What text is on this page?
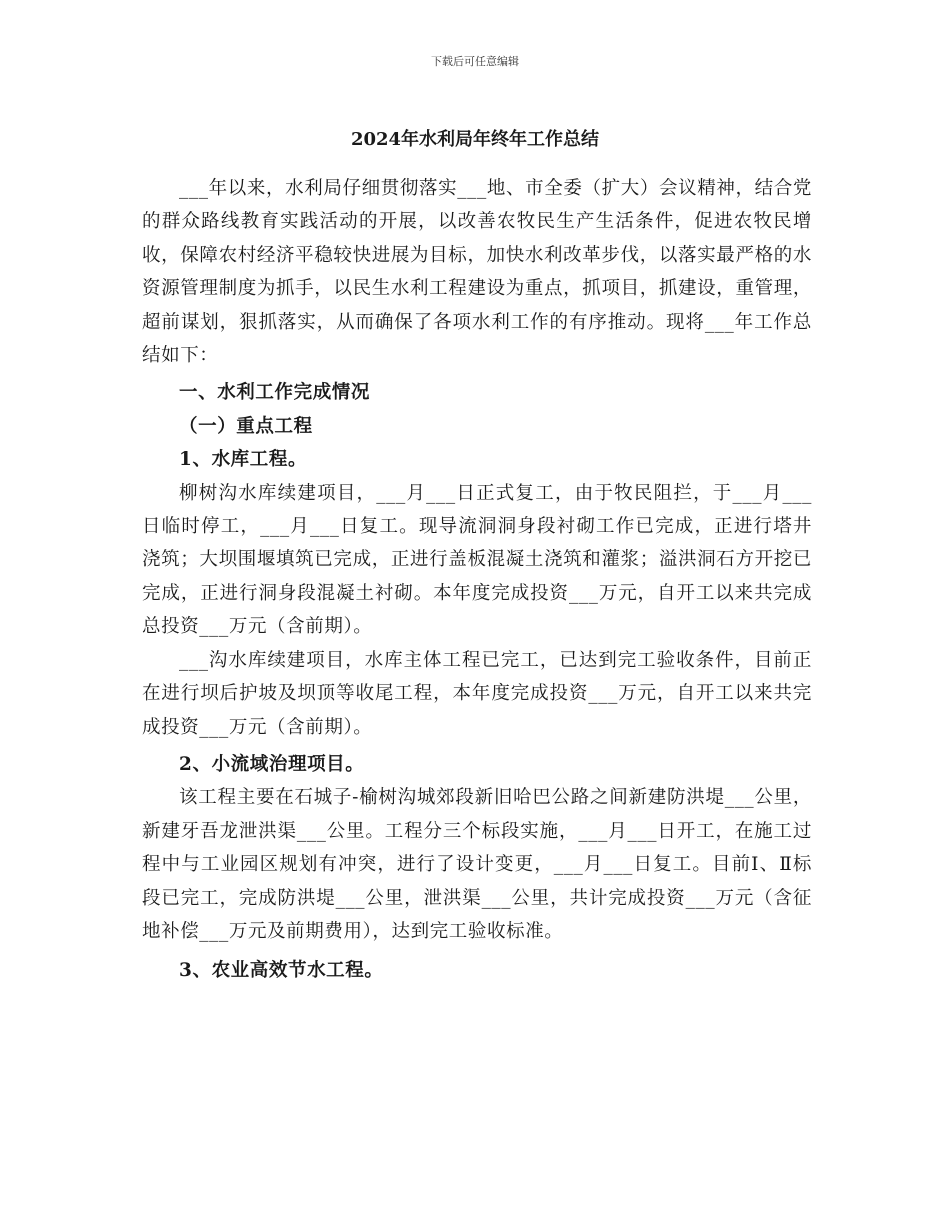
下载后可任意编辑
2024年水利局年终年工作总结

___年以来，水利局仔细贯彻落实___地、市全委（扩大）会议精神，结合党的群众路线教育实践活动的开展，以改善农牧民生产生活条件，促进农牧民增收，保障农村经济平稳较快进展为目标，加快水利改革步伐，以落实最严格的水资源管理制度为抓手，以民生水利工程建设为重点，抓项目，抓建设，重管理，超前谋划，狠抓落实，从而确保了各项水利工作的有序推动。现将___年工作总结如下：

一、水利工作完成情况

（一）重点工程

1、水库工程。

柳树沟水库续建项目，___月___日正式复工，由于牧民阻拦，于___月___日临时停工，___月___日复工。现导流洞洞身段衬砌工作已完成，正进行塔井浇筑；大坝围堰填筑已完成，正进行盖板混凝土浇筑和灌浆；溢洪洞石方开挖已完成，正进行洞身段混凝土衬砌。本年度完成投资___万元，自开工以来共完成总投资___万元（含前期）。

___沟水库续建项目，水库主体工程已完工，已达到完工验收条件，目前正在进行坝后护坡及坝顶等收尾工程，本年度完成投资___万元，自开工以来共完成投资___万元（含前期）。

2、小流域治理项目。

该工程主要在石城子-榆树沟城郊段新旧哈巴公路之间新建防洪堤___公里，新建牙吾龙泄洪渠___公里。工程分三个标段实施，___月___日开工，在施工过程中与工业园区规划有冲突，进行了设计变更，___月___日复工。目前Ⅰ、Ⅱ标段已完工，完成防洪堤___公里，泄洪渠___公里，共计完成投资___万元（含征地补偿___万元及前期费用），达到完工验收标准。

3、农业高效节水工程。
